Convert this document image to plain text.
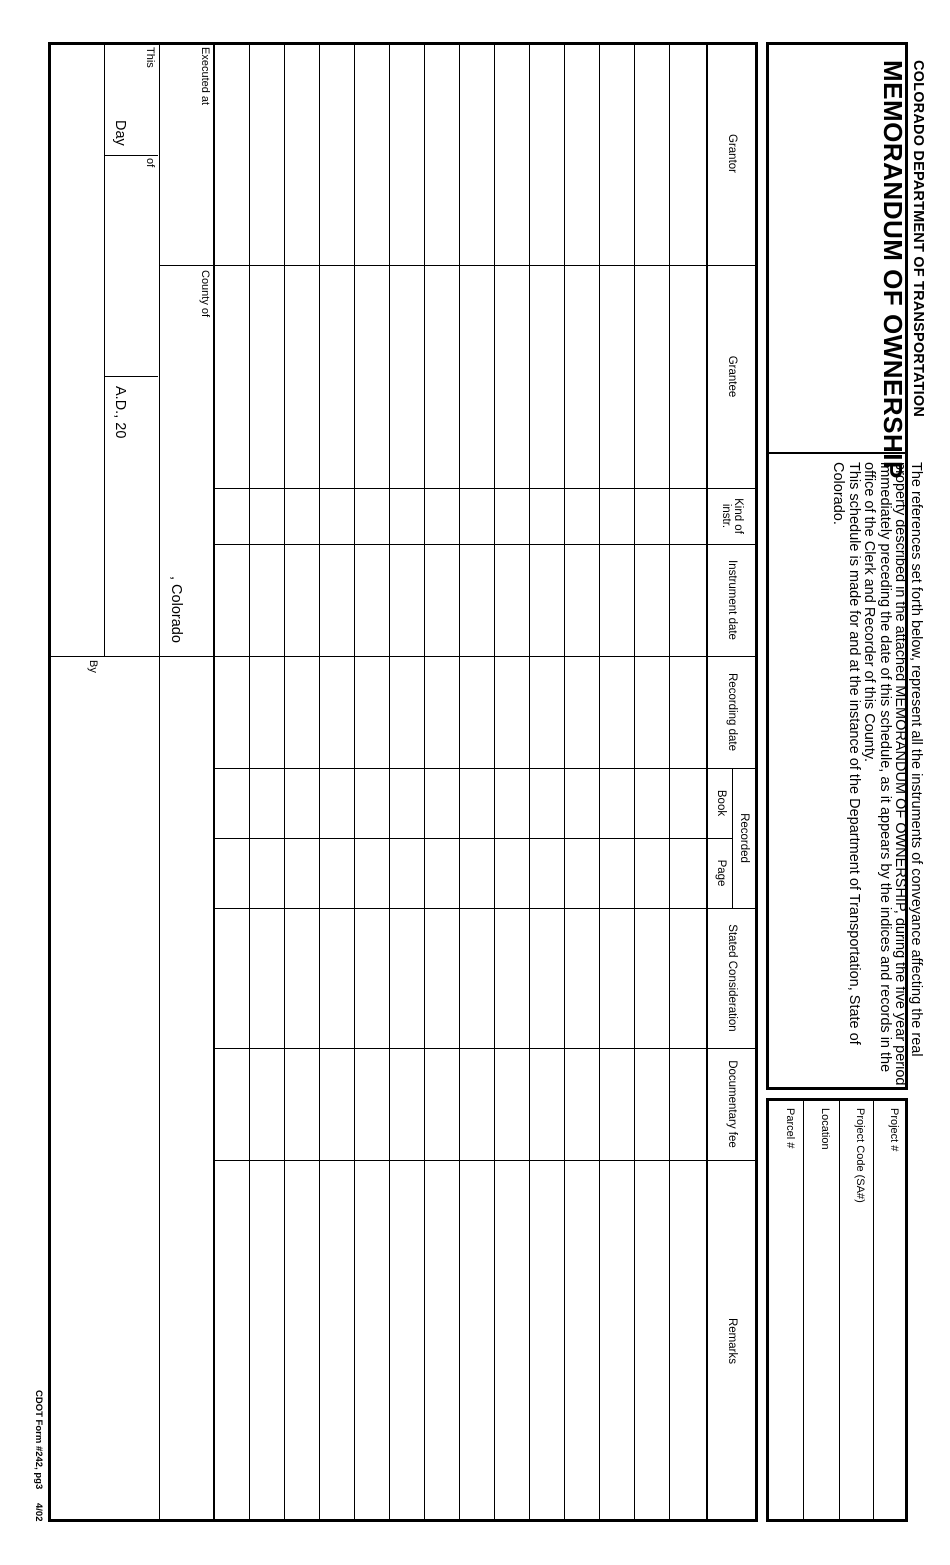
COLORADO DEPARTMENT OF TRANSPORTATION
MEMORANDUM OF OWNERSHIP

The references set forth below, represent all the instruments of conveyance affecting the real property described in the attached MEMORANDUM OF OWNERSHIP, during the five year period immediately preceding the date of this schedule, as it appears by the indices and records in the office of the Clerk and Recorder of this County.

This schedule is made for and at the instance of the Department of Transportation, State of Colorado.

Project #
Project Code (SA#)
Location
Parcel #
Grantor
Grantee
Kind of instr.
Instrument date
Recording date
Recorded
Book
Page
Stated Consideration
Documentary fee
Remarks
Executed at
County of
, Colorado
This
Day
of
A.D., 20
By
CDOT Form #242, pg3
4/02
